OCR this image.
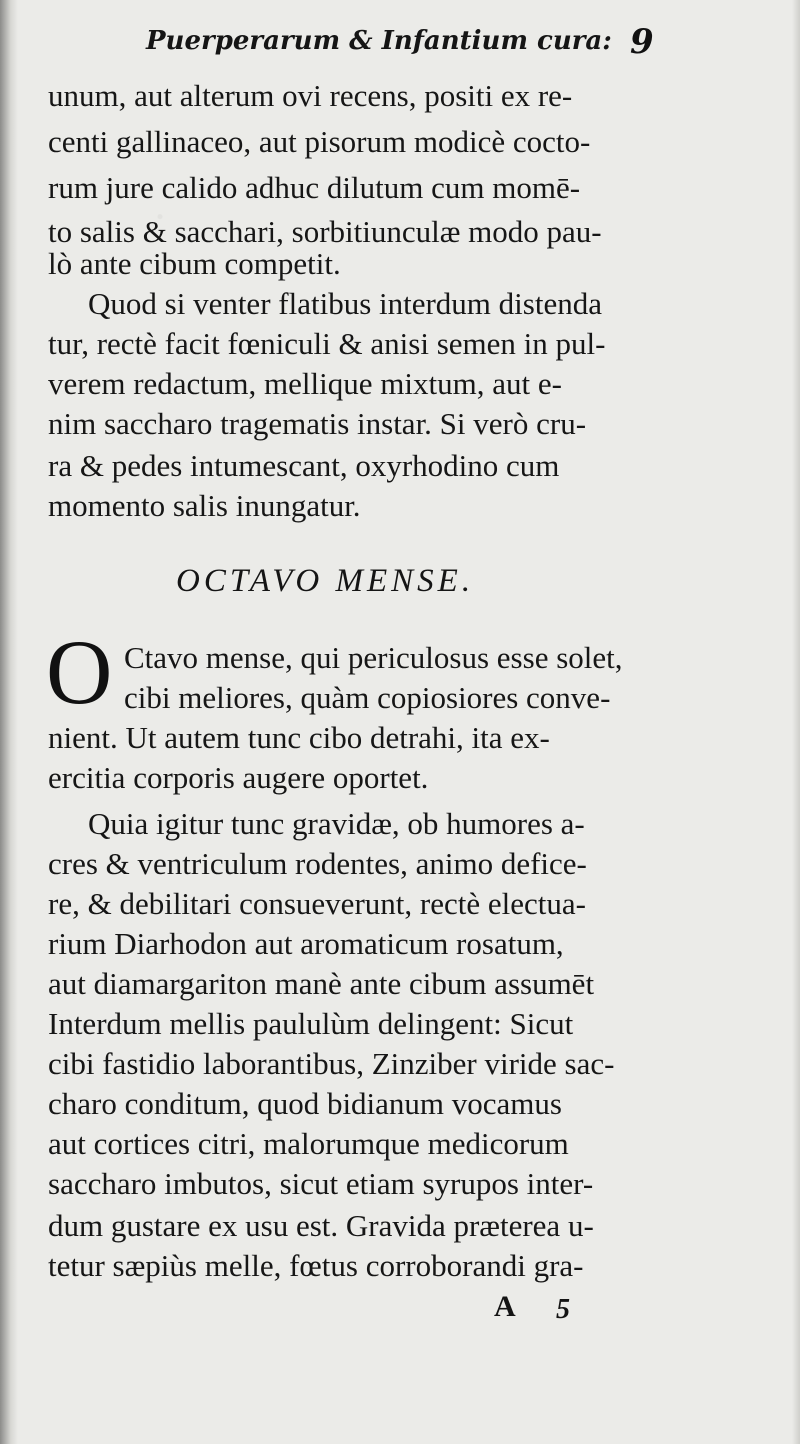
Puerperarum & Infantium cura: 9
unum, aut alterum ovi recens, positi ex re-
centi gallinaceo, aut pisorum modicè cocto-
rum jure calido adhuc dilutum cum momē-
to salis & sacchari, sorbitiunculæ modo pau-
lò ante cibum competit.
Quod si venter flatibus interdum distenda
tur, rectè facit fœniculi & anisi semen in pul-
verem redactum, mellique mixtum, aut e-
nim saccharo tragematis instar. Si verò cru-
ra & pedes intumescant, oxyrhodino cum
momento salis inungatur.
OCTAVO MENSE.
O Ctavo mense, qui periculosus esse solet,
cibi meliores, quàm copiosiores conve-
nient. Ut autem tunc cibo detrahi, ita ex-
ercitia corporis augere oportet.
Quia igitur tunc gravidæ, ob humores a-
cres & ventriculum rodentes, animo defice-
re, & debilitari consueverunt, rectè electua-
rium Diarhodon aut aromaticum rosatum,
aut diamargariton manè ante cibum assumēt
Interdum mellis paululùm delingent: Sicut
cibi fastidio laborantibus, Zinziber viride sac-
charo conditum, quod bidianum vocamus
aut cortices citri, malorumque medicorum
saccharo imbutos, sicut etiam syrupos inter-
dum gustare ex usu est. Gravida præterea u-
tetur sæpiùs melle, fœtus corroborandi gra-
A 5
